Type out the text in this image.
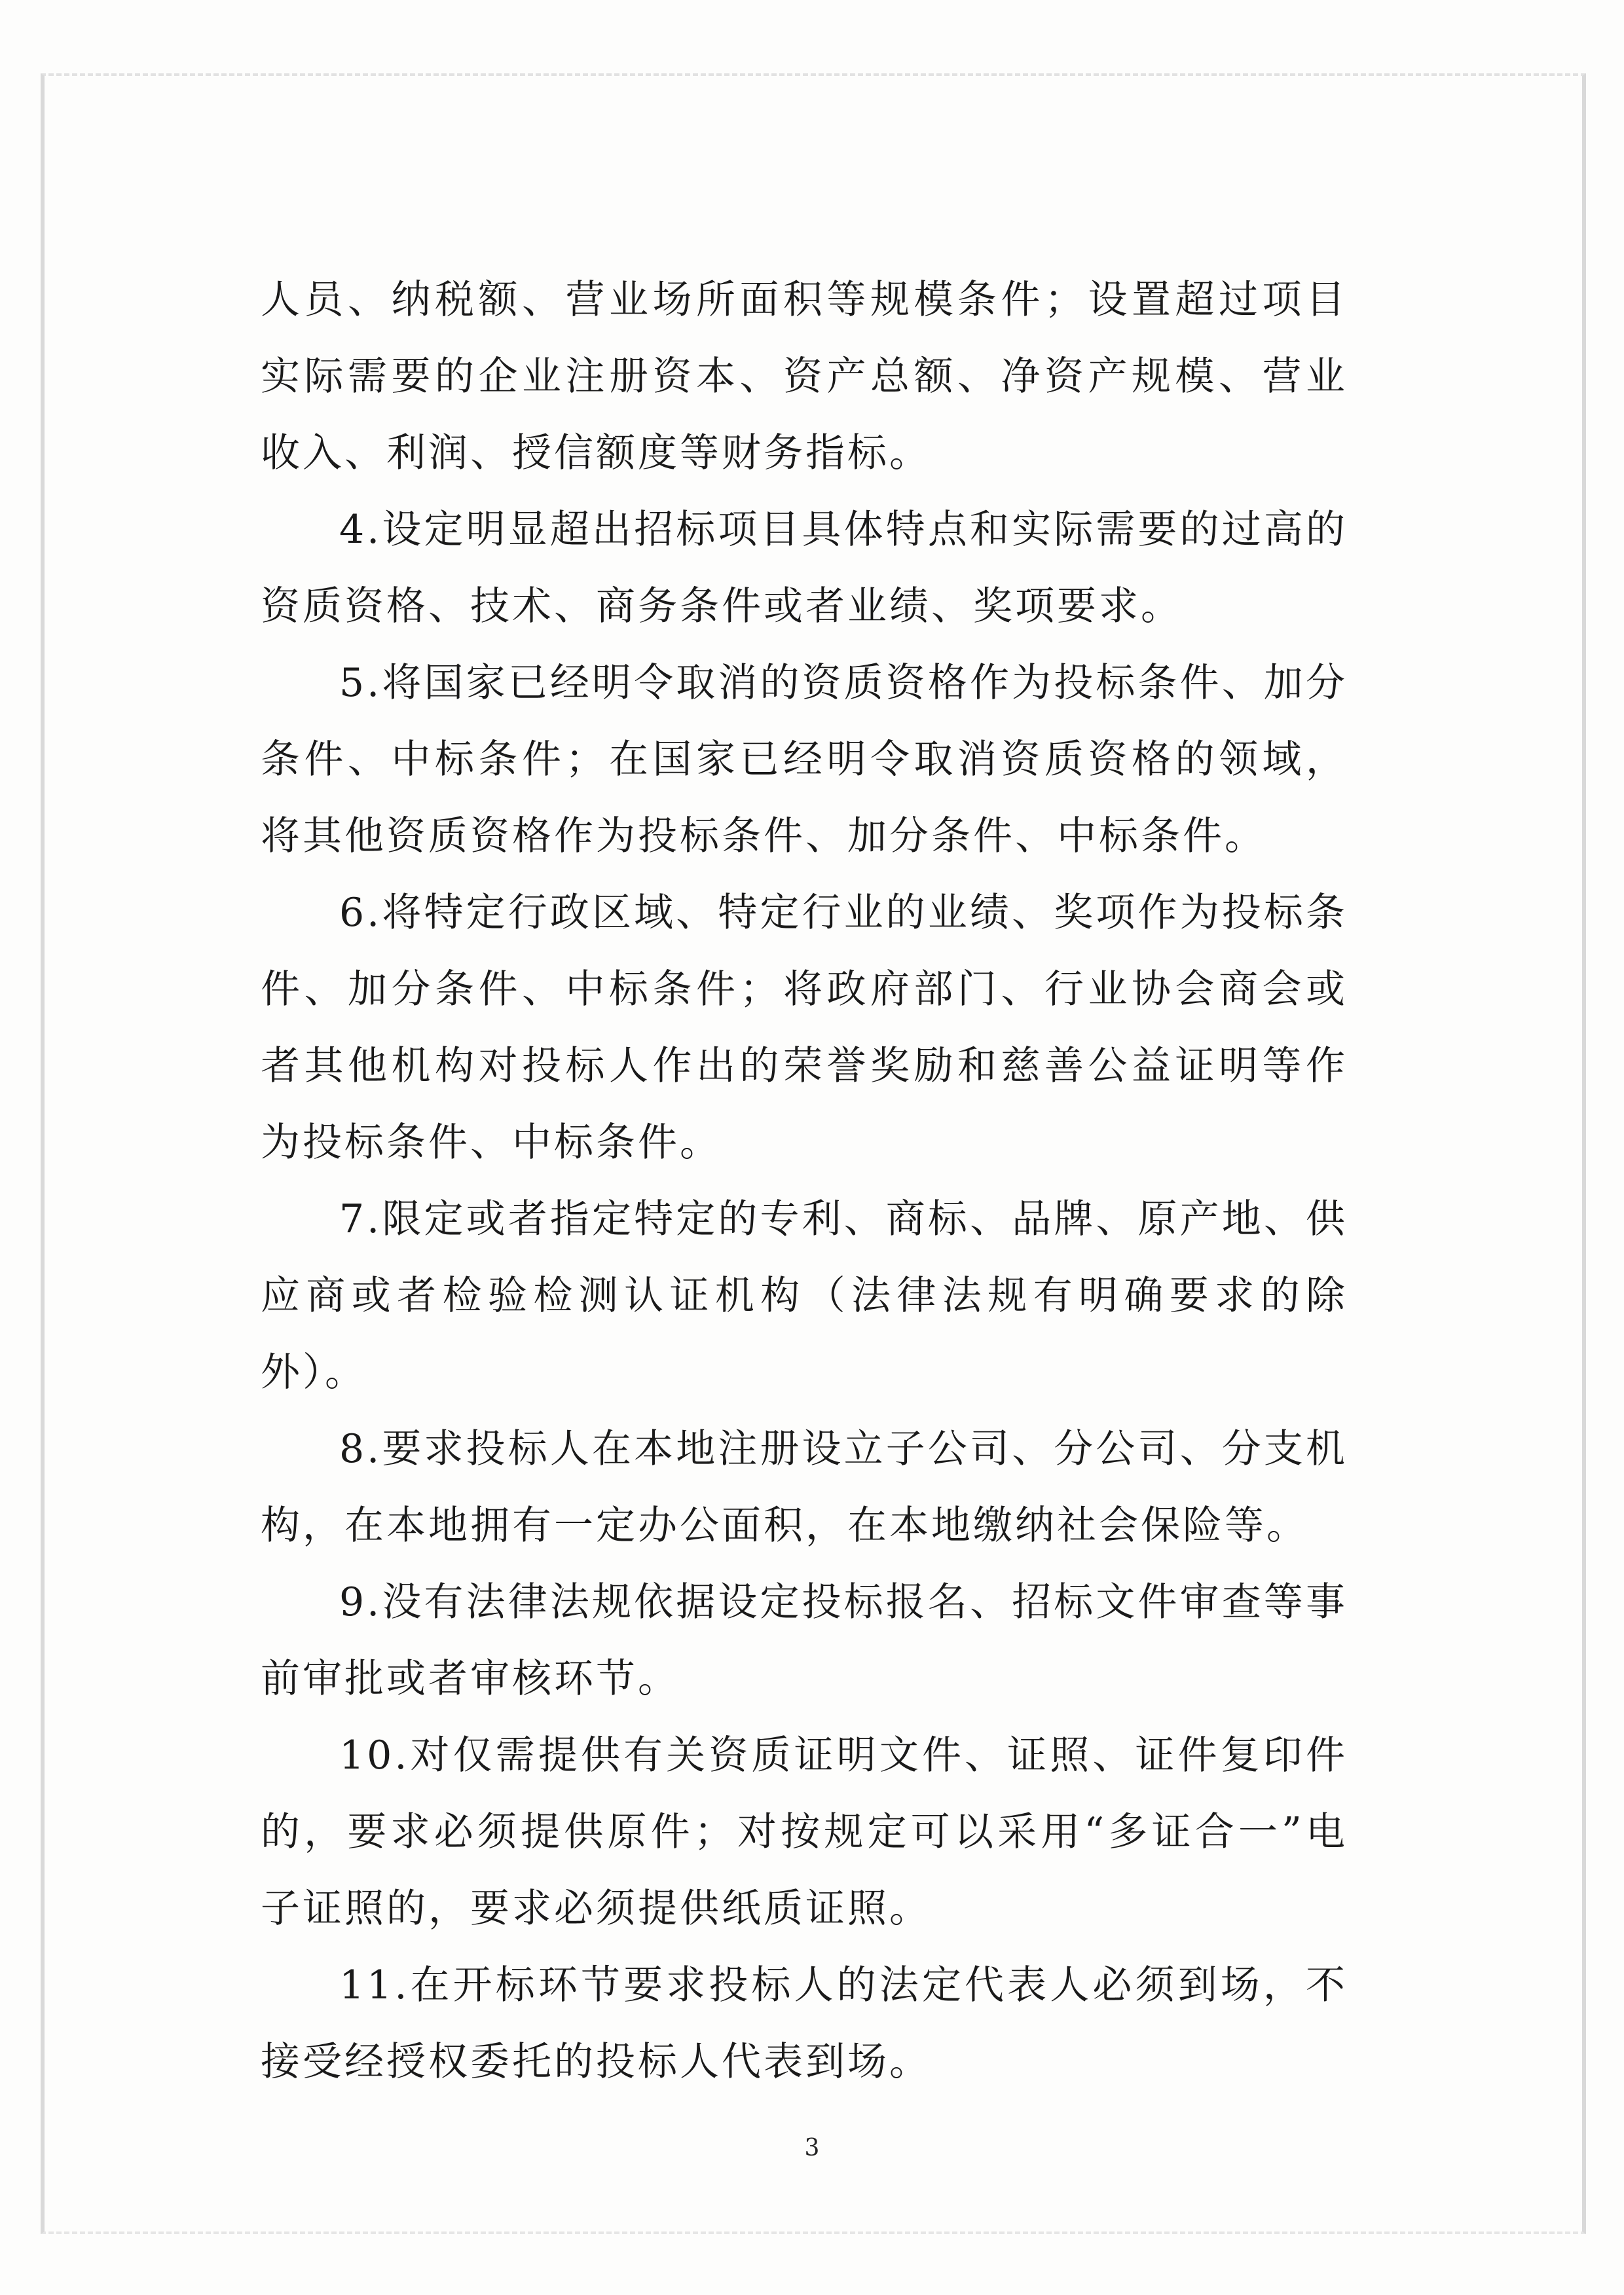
人员、纳税额、营业场所面积等规模条件；设置超过项目实际需要的企业注册资本、资产总额、净资产规模、营业收入、利润、授信额度等财务指标。

4.设定明显超出招标项目具体特点和实际需要的过高的资质资格、技术、商务条件或者业绩、奖项要求。

5.将国家已经明令取消的资质资格作为投标条件、加分条件、中标条件；在国家已经明令取消资质资格的领域，将其他资质资格作为投标条件、加分条件、中标条件。

6.将特定行政区域、特定行业的业绩、奖项作为投标条件、加分条件、中标条件；将政府部门、行业协会商会或者其他机构对投标人作出的荣誉奖励和慈善公益证明等作为投标条件、中标条件。

7.限定或者指定特定的专利、商标、品牌、原产地、供应商或者检验检测认证机构（法律法规有明确要求的除外）。

8.要求投标人在本地注册设立子公司、分公司、分支机构，在本地拥有一定办公面积，在本地缴纳社会保险等。

9.没有法律法规依据设定投标报名、招标文件审查等事前审批或者审核环节。

10.对仅需提供有关资质证明文件、证照、证件复印件的，要求必须提供原件；对按规定可以采用“多证合一”电子证照的，要求必须提供纸质证照。

11.在开标环节要求投标人的法定代表人必须到场，不接受经授权委托的投标人代表到场。

3
